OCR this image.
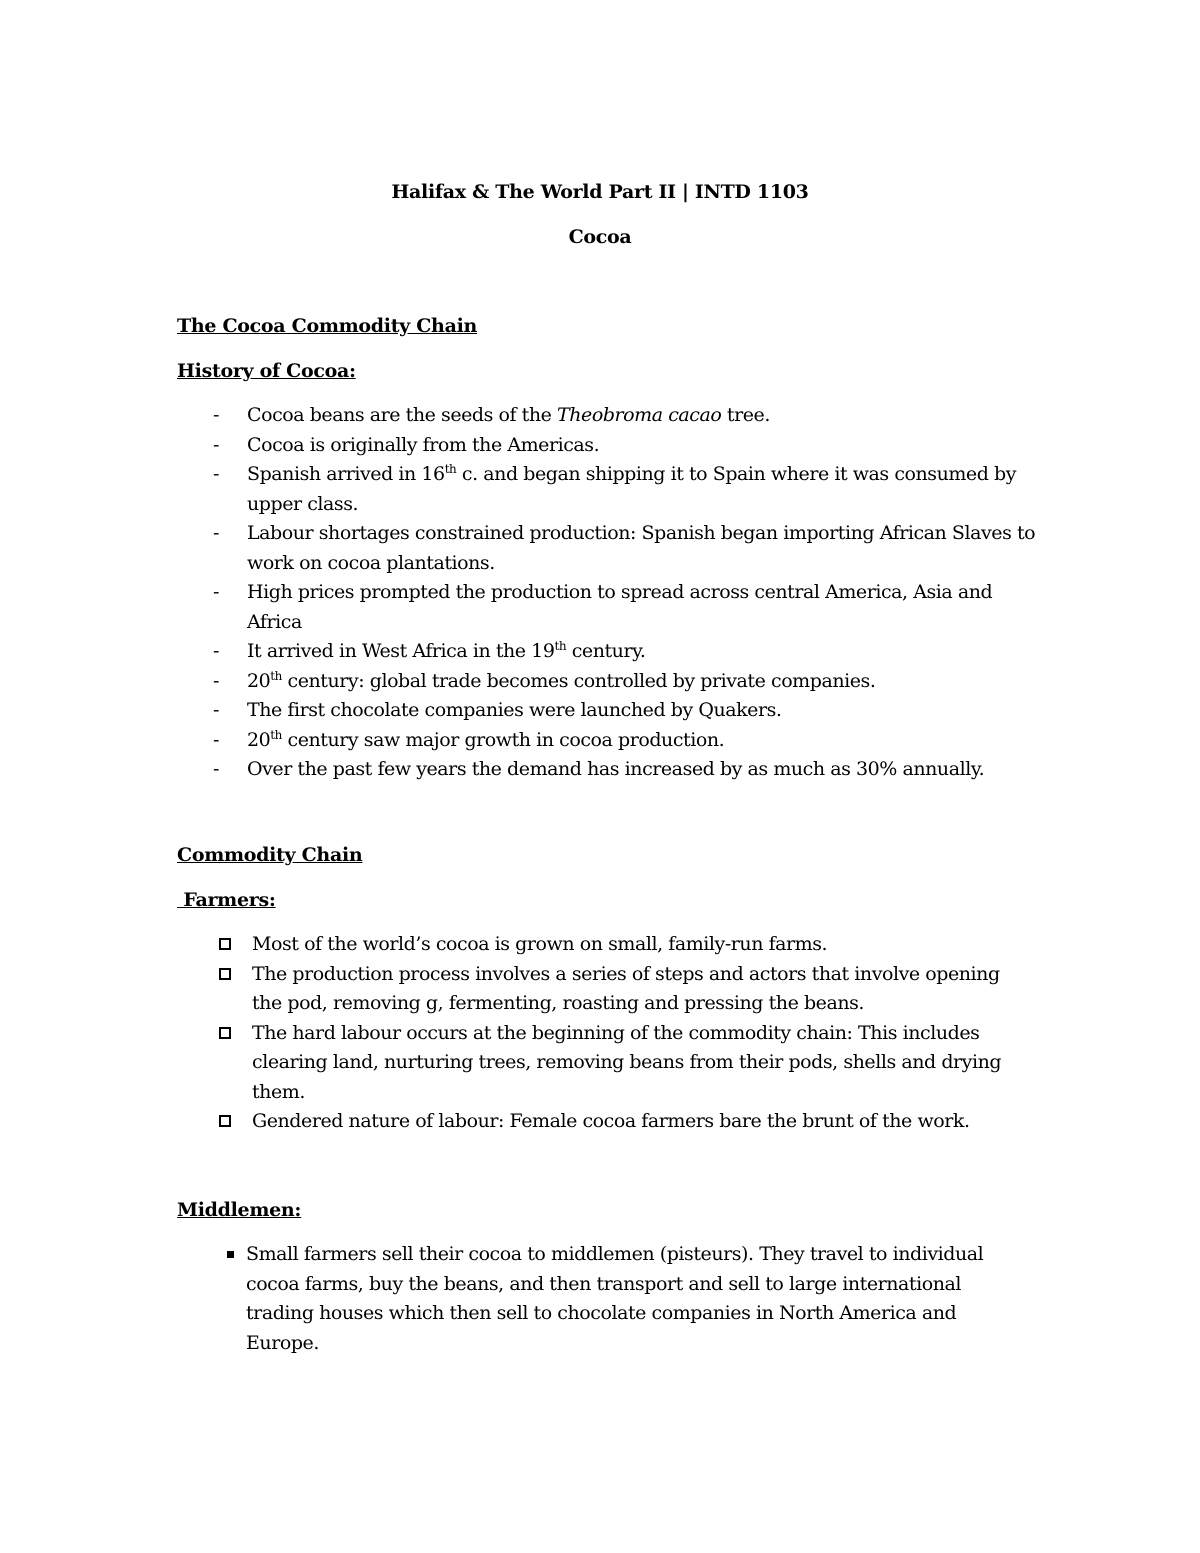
Halifax & The World Part II | INTD 1103
Cocoa
The Cocoa Commodity Chain
History of Cocoa:
- Cocoa beans are the seeds of the Theobroma cacao tree.
- Cocoa is originally from the Americas.
- Spanish arrived in 16th c. and began shipping it to Spain where it was consumed by upper class.
- Labour shortages constrained production: Spanish began importing African Slaves to work on cocoa plantations.
- High prices prompted the production to spread across central America, Asia and Africa
- It arrived in West Africa in the 19th century.
- 20th century: global trade becomes controlled by private companies.
- The first chocolate companies were launched by Quakers.
- 20th century saw major growth in cocoa production.
- Over the past few years the demand has increased by as much as 30% annually.
Commodity Chain
Farmers:
Most of the world’s cocoa is grown on small, family-run farms.
The production process involves a series of steps and actors that involve opening the pod, removing g, fermenting, roasting and pressing the beans.
The hard labour occurs at the beginning of the commodity chain: This includes clearing land, nurturing trees, removing beans from their pods, shells and drying them.
Gendered nature of labour: Female cocoa farmers bare the brunt of the work.
Middlemen:
Small farmers sell their cocoa to middlemen (pisteurs). They travel to individual cocoa farms, buy the beans, and then transport and sell to large international trading houses which then sell to chocolate companies in North America and Europe.
